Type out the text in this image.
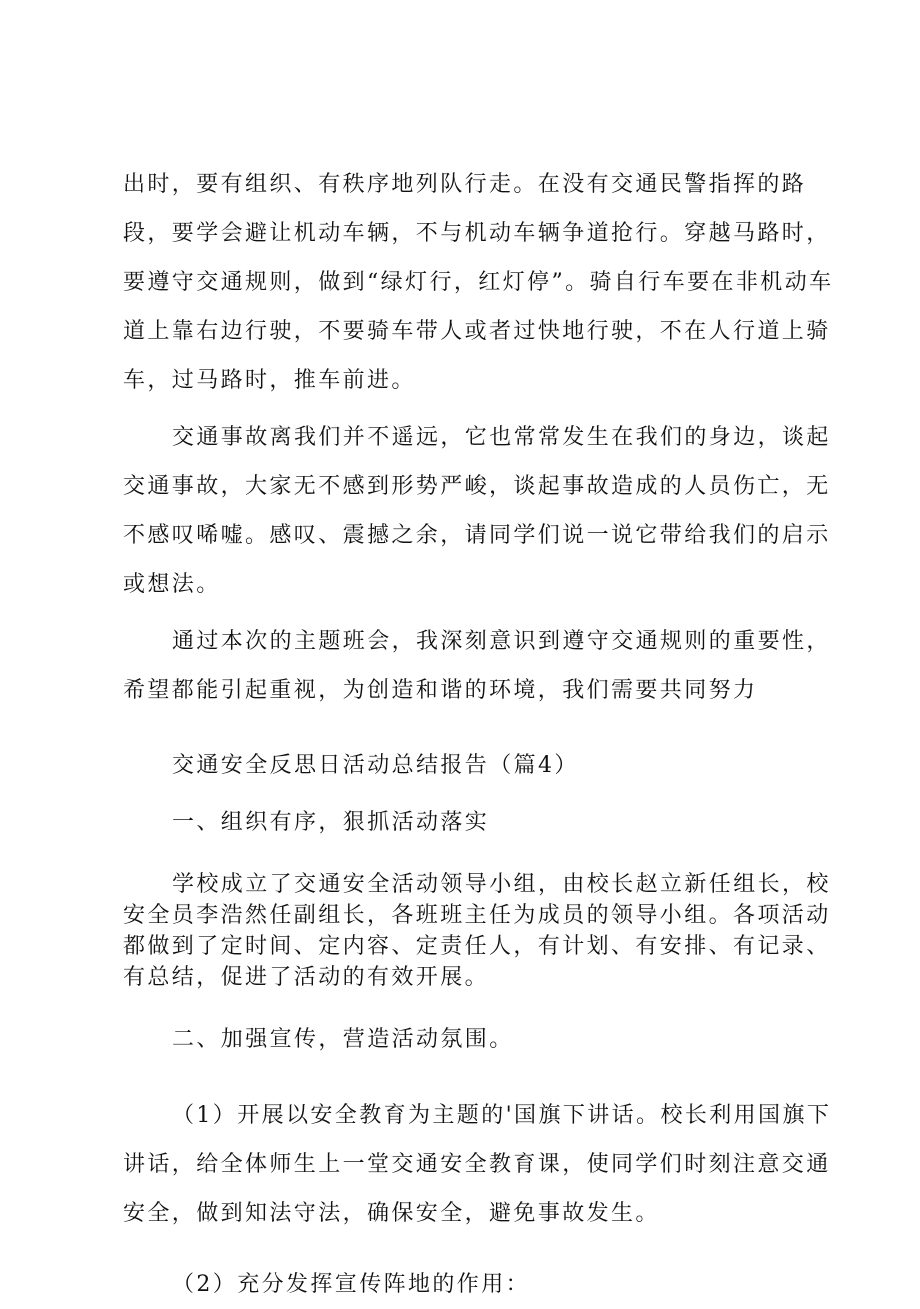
出时，要有组织、有秩序地列队行走。在没有交通民警指挥的路段，要学会避让机动车辆，不与机动车辆争道抢行。穿越马路时，要遵守交通规则，做到“绿灯行，红灯停”。骑自行车要在非机动车道上靠右边行驶，不要骑车带人或者过快地行驶，不在人行道上骑车，过马路时，推车前进。

交通事故离我们并不遥远，它也常常发生在我们的身边，谈起交通事故，大家无不感到形势严峻，谈起事故造成的人员伤亡，无不感叹唏嘘。感叹、震撼之余，请同学们说一说它带给我们的启示或想法。

通过本次的主题班会，我深刻意识到遵守交通规则的重要性，希望都能引起重视，为创造和谐的环境，我们需要共同努力

交通安全反思日活动总结报告（篇4）

一、组织有序，狠抓活动落实

学校成立了交通安全活动领导小组，由校长赵立新任组长，校安全员李浩然任副组长，各班班主任为成员的领导小组。各项活动都做到了定时间、定内容、定责任人，有计划、有安排、有记录、有总结，促进了活动的有效开展。

二、加强宣传，营造活动氛围。

（1）开展以安全教育为主题的'国旗下讲话。校长利用国旗下讲话，给全体师生上一堂交通安全教育课，使同学们时刻注意交通安全，做到知法守法，确保安全，避免事故发生。

（2）充分发挥宣传阵地的作用：
